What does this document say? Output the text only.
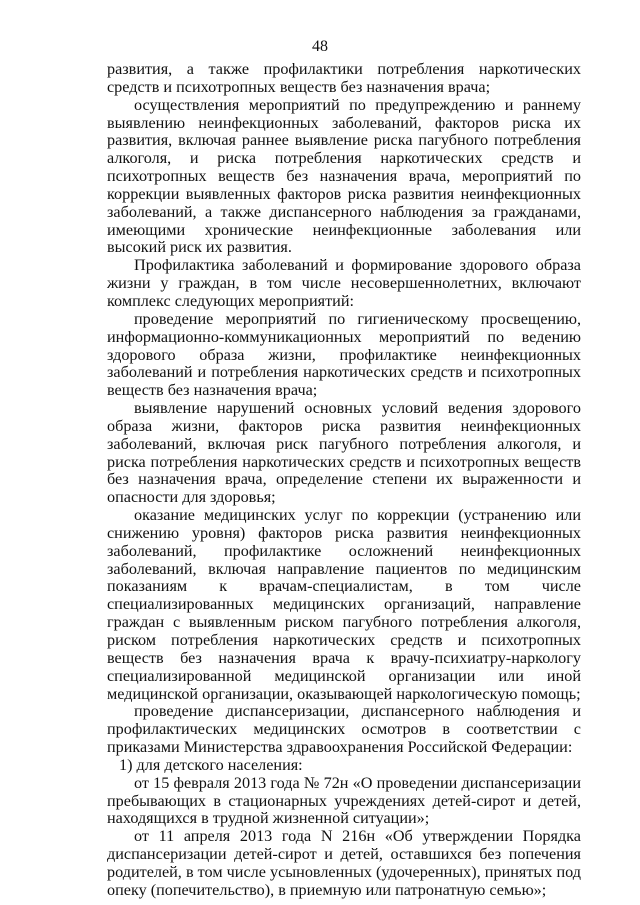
48

развития, а также профилактики потребления наркотических средств и психотропных веществ без назначения врача;

осуществления мероприятий по предупреждению и раннему выявлению неинфекционных заболеваний, факторов риска их развития, включая раннее выявление риска пагубного потребления алкоголя, и риска потребления наркотических средств и психотропных веществ без назначения врача, мероприятий по коррекции выявленных факторов риска развития неинфекционных заболеваний, а также диспансерного наблюдения за гражданами, имеющими хронические неинфекционные заболевания или высокий риск их развития.

Профилактика заболеваний и формирование здорового образа жизни у граждан, в том числе несовершеннолетних, включают комплекс следующих мероприятий:

проведение мероприятий по гигиеническому просвещению, информационно-коммуникационных мероприятий по ведению здорового образа жизни, профилактике неинфекционных заболеваний и потребления наркотических средств и психотропных веществ без назначения врача;

выявление нарушений основных условий ведения здорового образа жизни, факторов риска развития неинфекционных заболеваний, включая риск пагубного потребления алкоголя, и риска потребления наркотических средств и психотропных веществ без назначения врача, определение степени их выраженности и опасности для здоровья;

оказание медицинских услуг по коррекции (устранению или снижению уровня) факторов риска развития неинфекционных заболеваний, профилактике осложнений неинфекционных заболеваний, включая направление пациентов по медицинским показаниям к врачам-специалистам, в том числе специализированных медицинских организаций, направление граждан с выявленным риском пагубного потребления алкоголя, риском потребления наркотических средств и психотропных веществ без назначения врача к врачу-психиатру-наркологу специализированной медицинской организации или иной медицинской организации, оказывающей наркологическую помощь;

проведение диспансеризации, диспансерного наблюдения и профилактических медицинских осмотров в соответствии с приказами Министерства здравоохранения Российской Федерации:

1) для детского населения:

от 15 февраля 2013 года № 72н «О проведении диспансеризации пребывающих в стационарных учреждениях детей-сирот и детей, находящихся в трудной жизненной ситуации»;

от 11 апреля 2013 года N 216н «Об утверждении Порядка диспансеризации детей-сирот и детей, оставшихся без попечения родителей, в том числе усыновленных (удочеренных), принятых под опеку (попечительство), в приемную или патронатную семью»;
